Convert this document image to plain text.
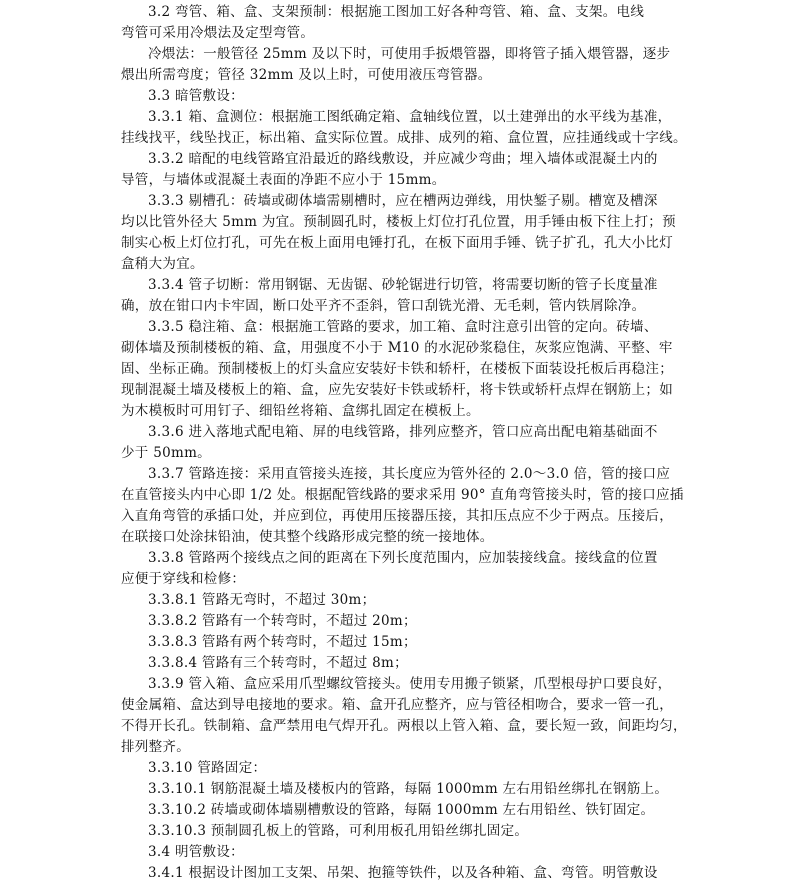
3.2 弯管、箱、盒、支架预制：根据施工图加工好各种弯管、箱、盒、支架。电线
弯管可采用冷煨法及定型弯管。
冷煨法：一般管径 25mm 及以下时，可使用手扳煨管器，即将管子插入煨管器，逐步
煨出所需弯度；管径 32mm 及以上时，可使用液压弯管器。
3.3 暗管敷设：
3.3.1 箱、盒测位：根据施工图纸确定箱、盒轴线位置，以土建弹出的水平线为基准，
挂线找平，线坠找正，标出箱、盒实际位置。成排、成列的箱、盒位置，应挂通线或十字线。
3.3.2 暗配的电线管路宜沿最近的路线敷设，并应减少弯曲；埋入墙体或混凝土内的
导管，与墙体或混凝土表面的净距不应小于 15mm。
3.3.3 剔槽孔：砖墙或砌体墙需剔槽时，应在槽两边弹线，用快錾子剔。槽宽及槽深
均以比管外径大 5mm 为宜。预制圆孔时，楼板上灯位打孔位置，用手锤由板下往上打；预
制实心板上灯位打孔，可先在板上面用电锤打孔，在板下面用手锤、铣子扩孔，孔大小比灯
盒稍大为宜。
3.3.4 管子切断：常用钢锯、无齿锯、砂轮锯进行切管，将需要切断的管子长度量准
确，放在钳口内卡牢固，断口处平齐不歪斜，管口刮铣光滑、无毛刺，管内铁屑除净。
3.3.5 稳注箱、盒：根据施工管路的要求，加工箱、盒时注意引出管的定向。砖墙、
砌体墙及预制楼板的箱、盒，用强度不小于 M10 的水泥砂浆稳住，灰浆应饱满、平整、牢
固、坐标正确。预制楼板上的灯头盒应安装好卡铁和轿杆，在楼板下面装设托板后再稳注；
现制混凝土墙及楼板上的箱、盒，应先安装好卡铁或轿杆，将卡铁或轿杆点焊在钢筋上；如
为木模板时可用钉子、细铅丝将箱、盒绑扎固定在模板上。
3.3.6 进入落地式配电箱、屏的电线管路，排列应整齐，管口应高出配电箱基础面不
少于 50mm。
3.3.7 管路连接：采用直管接头连接，其长度应为管外径的 2.0～3.0 倍，管的接口应
在直管接头内中心即 1/2 处。根据配管线路的要求采用 90° 直角弯管接头时，管的接口应插
入直角弯管的承插口处，并应到位，再使用压接器压接，其扣压点应不少于两点。压接后，
在联接口处涂抹铅油，使其整个线路形成完整的统一接地体。
3.3.8 管路两个接线点之间的距离在下列长度范围内，应加装接线盒。接线盒的位置
应便于穿线和检修：
3.3.8.1 管路无弯时，不超过 30m；
3.3.8.2 管路有一个转弯时，不超过 20m；
3.3.8.3 管路有两个转弯时，不超过 15m；
3.3.8.4 管路有三个转弯时，不超过 8m；
3.3.9 管入箱、盒应采用爪型螺纹管接头。使用专用搬子锁紧，爪型根母护口要良好，
使金属箱、盒达到导电接地的要求。箱、盒开孔应整齐，应与管径相吻合，要求一管一孔，
不得开长孔。铁制箱、盒严禁用电气焊开孔。两根以上管入箱、盒，要长短一致，间距均匀，
排列整齐。
3.3.10 管路固定：
3.3.10.1 钢筋混凝土墙及楼板内的管路，每隔 1000mm 左右用铅丝绑扎在钢筋上。
3.3.10.2 砖墙或砌体墙剔槽敷设的管路，每隔 1000mm 左右用铅丝、铁钉固定。
3.3.10.3 预制圆孔板上的管路，可利用板孔用铅丝绑扎固定。
3.4 明管敷设：
3.4.1 根据设计图加工支架、吊架、抱箍等铁件，以及各种箱、盒、弯管。明管敷设
